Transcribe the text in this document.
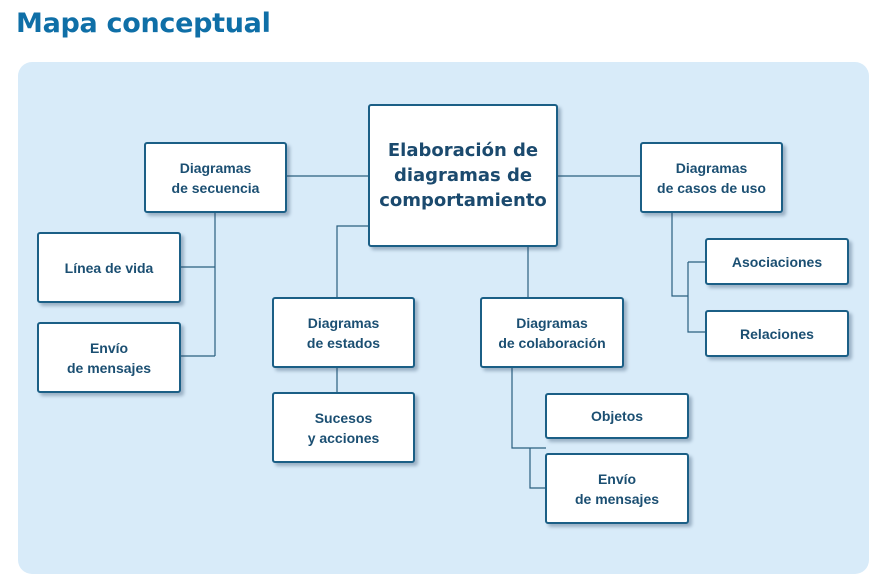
Mapa conceptual
Elaboración de
diagramas de
comportamiento
Diagramas
de secuencia
Línea de vida
Envío
de mensajes
Diagramas
de estados
Sucesos
y acciones
Diagramas
de colaboración
Objetos
Envío
de mensajes
Diagramas
de casos de uso
Asociaciones
Relaciones
